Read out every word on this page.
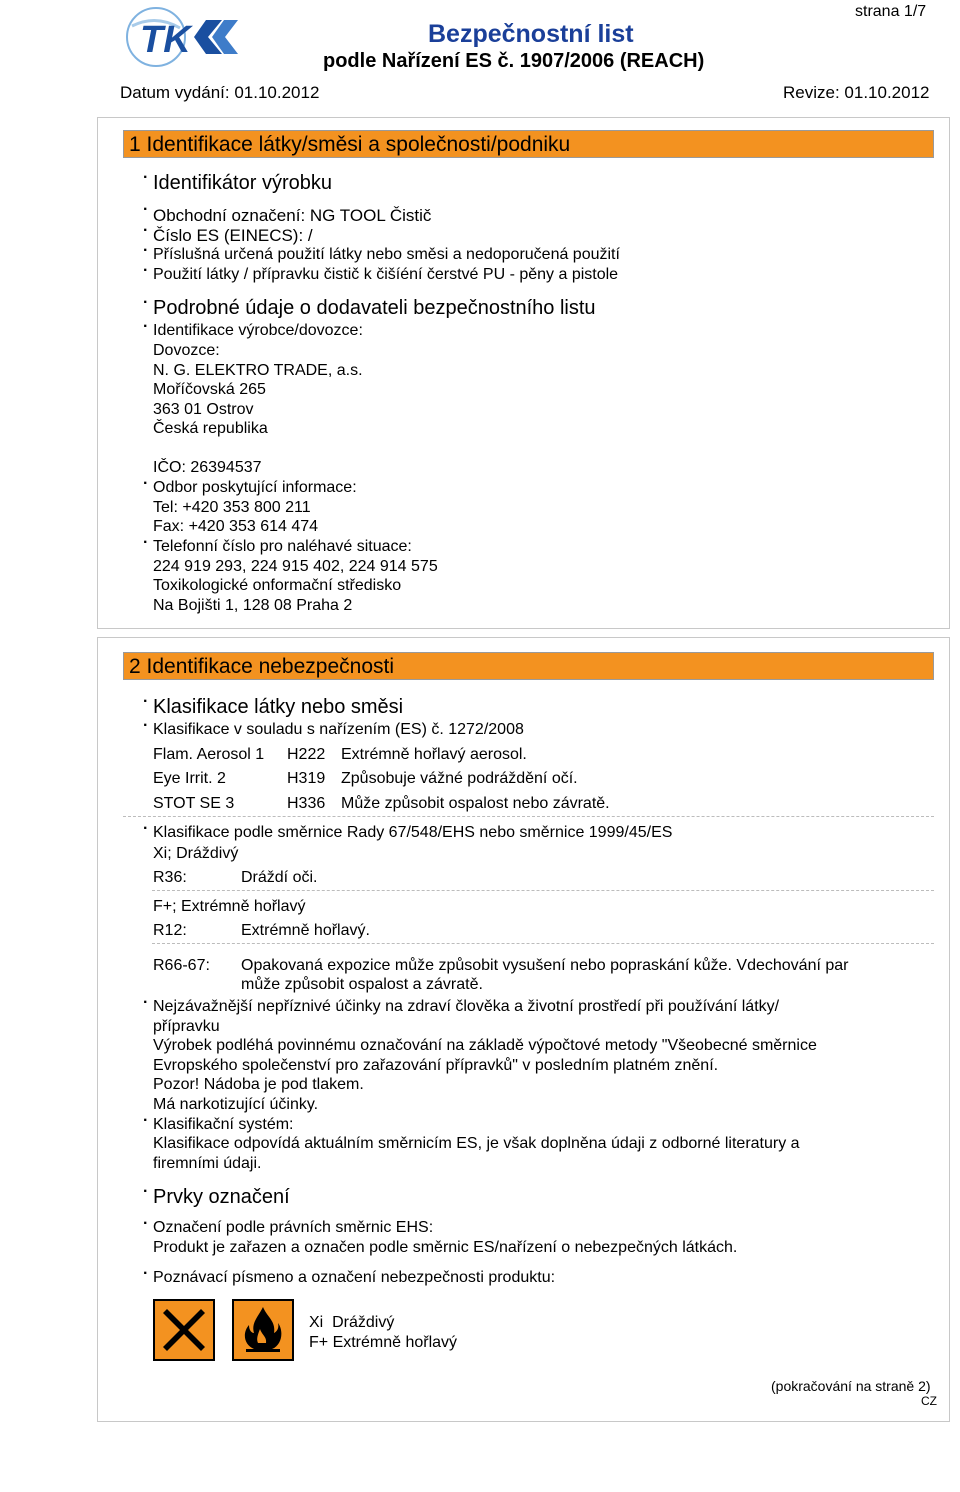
strana 1/7
TK	Bezpečnostní list
podle Nařízení ES č. 1907/2006 (REACH)
Datum vydání: 01.10.2012	Revize: 01.10.2012
1 Identifikace látky/směsi a společnosti/podniku
· Identifikátor výrobku
· Obchodní označení: NG TOOL Čistič
· Číslo ES (EINECS): /
· Příslušná určená použití látky nebo směsi a nedoporučená použití
· Použití látky / přípravku čistič k čišíéní čerstvé PU - pěny a pistole
· Podrobné údaje o dodavateli bezpečnostního listu
· Identifikace výrobce/dovozce:
Dovozce:
N. G. ELEKTRO TRADE, a.s.
Moříčovská 265
363 01 Ostrov
Česká republika
IČO: 26394537
· Odbor poskytující informace:
Tel: +420 353 800 211
Fax: +420 353 614 474
· Telefonní číslo pro naléhavé situace:
224 919 293, 224 915 402, 224 914 575
Toxikologické onformační středisko
Na Bojišti 1, 128 08 Praha 2
2 Identifikace nebezpečnosti
· Klasifikace látky nebo směsi
· Klasifikace v souladu s nařízením (ES) č. 1272/2008
Flam. Aerosol 1 H222 Extrémně hořlavý aerosol.
Eye Irrit. 2	H319 Způsobuje vážné podráždění očí.
STOT SE 3	H336 Může způsobit ospalost nebo závratě.
· Klasifikace podle směrnice Rady 67/548/EHS nebo směrnice 1999/45/ES
Xi; Dráždivý
R36:	Dráždí oči.
F+; Extrémně hořlavý
R12:	Extrémně hořlavý.
R66-67: Opakovaná expozice může způsobit vysušení nebo popraskání kůže. Vdechování par
může způsobit ospalost a závratě.
· Nejzávažnější nepříznivé účinky na zdraví člověka a životní prostředí při používání látky/
přípravku
Výrobek podléhá povinnému označování na základě výpočtové metody "Všeobecné směrnice
Evropského společenství pro zařazování přípravků" v posledním platném znění.
Pozor! Nádoba je pod tlakem.
Má narkotizující účinky.
· Klasifikační systém:
Klasifikace odpovídá aktuálním směrnicím ES, je však doplněna údaji z odborné literatury a
firemními údaji.
· Prvky označení
· Označení podle právních směrnic EHS:
Produkt je zařazen a označen podle směrnic ES/nařízení o nebezpečných látkách.
· Poznávací písmeno a označení nebezpečnosti produktu:
Xi  Dráždivý
F+ Extrémně hořlavý
(pokračování na straně 2)
CZ
